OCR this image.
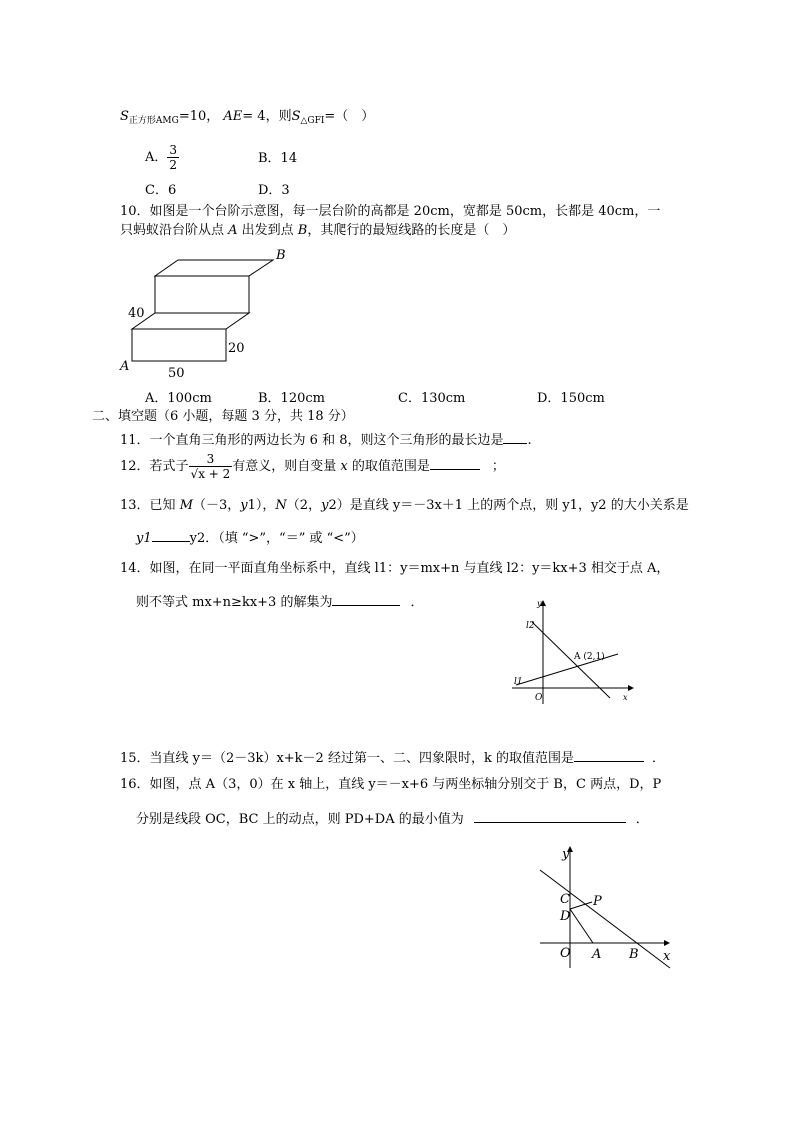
$S_{正方形AMG}=10$， AE= 4，则$S_{\triangle GFI}=$（　）
A． $\frac{3}{2}$	B．14
C．6	D．3
10．如图是一个台阶示意图，每一层台阶的高都是 20cm，宽都是 50cm，长都是 40cm，一
只蚂蚁沿台阶从点 A 出发到点 B，其爬行的最短线路的长度是（　）
B
A
40
20
50
A．100cm	B．120cm	C．130cm	D．150cm
二、填空题（6 小题，每题 3 分，共 18 分）
11．一个直角三角形的两边长为 6 和 8，则这个三角形的最长边是 .
12．若式子 $\frac{3}{√x + 2}$ 有意义，则自变量 x 的取值范围是	；
13．已知 M（－3，y1），N（2，y2）是直线 y＝－3x＋1 上的两个点，则 y1，y2 的大小关系是
y1	y2．（填 “>”，“＝” 或 “<”）
14．如图，在同一平面直角坐标系中，直线 l1：y＝mx+n 与直线 l2：y＝kx+3 相交于点 A，
则不等式 mx+n≥kx+3 的解集为	．	y
x
O
l2
l1
A (2,1)
15．当直线 y＝（2－3k）x+k－2 经过第一、二、四象限时，k 的取值范围是	．
16．如图，点 A（3，0）在 x 轴上，直线 y＝－x+6 与两坐标轴分别交于 B，C 两点，D，P
分别是线段 OC，BC 上的动点，则 PD+DA 的最小值为	．
y
x
O A B
C
D
P
